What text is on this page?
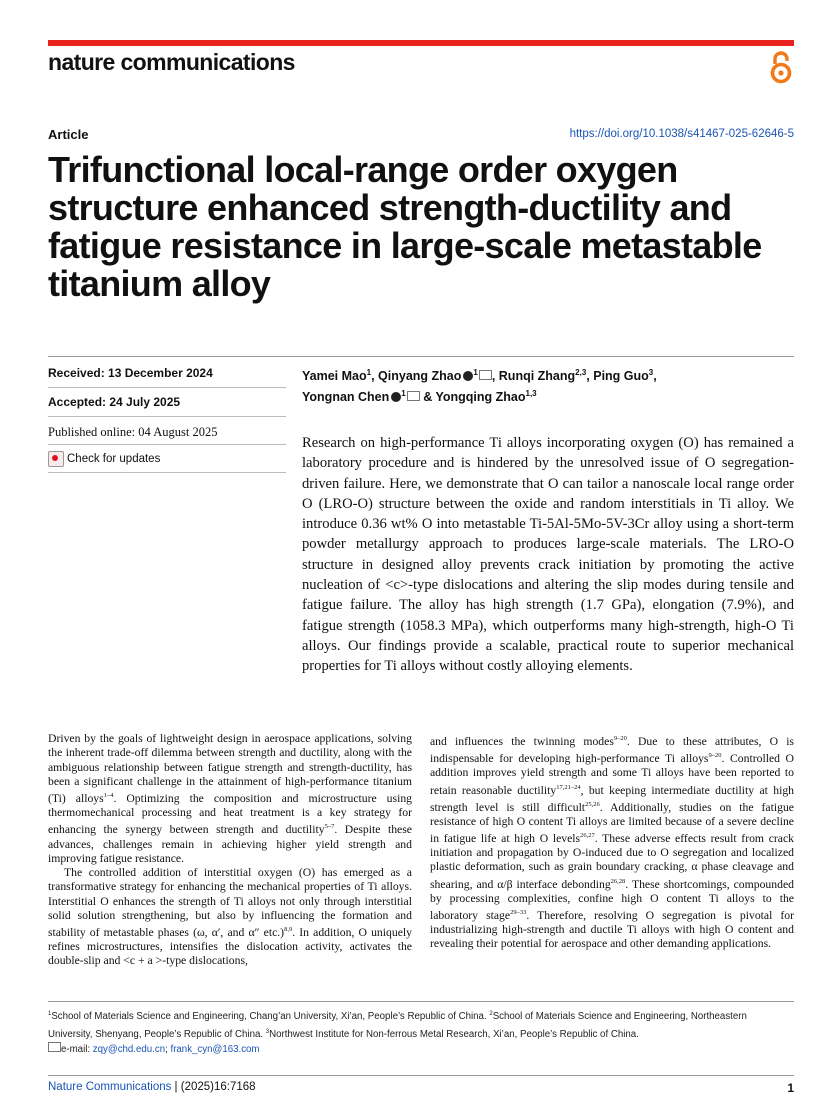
nature communications
Article	https://doi.org/10.1038/s41467-025-62646-5
Trifunctional local-range order oxygen
structure enhanced strength-ductility and
fatigue resistance in large-scale metastable
titanium alloy
Received: 13 December 2024
Accepted: 24 July 2025
Published online: 04 August 2025
Check for updates
Yamei Mao$^1$, Qinyang Zhao $^1$ , Runqi Zhang$^{2,3}$, Ping Guo$^3$,
Yongnan Chen $^1$ & Yongqing Zhao$^{1,3}$
Research on high-performance Ti alloys incorporating oxygen (O) has remained a laboratory procedure and is hindered by the unresolved issue of O segregation-driven failure. Here, we demonstrate that O can tailor a nanoscale local range order O (LRO-O) structure between the oxide and random interstitials in Ti alloy. We introduce 0.36 wt% O into metastable Ti-5Al-5Mo-5V-3Cr alloy using a short-term powder metallurgy approach to produces large-scale materials. The LRO-O structure in designed alloy prevents crack initiation by promoting the active nucleation of <c>-type dislocations and altering the slip modes during tensile and fatigue failure. The alloy has high strength (1.7 GPa), elongation (7.9%), and fatigue strength (1058.3 MPa), which outperforms many high-strength, high-O Ti alloys. Our findings provide a scalable, practical route to superior mechanical properties for Ti alloys without costly alloying elements.

Driven by the goals of lightweight design in aerospace applications, solving the inherent trade-off dilemma between strength and ductility, along with the ambiguous relationship between fatigue strength and strength-ductility, has been a significant challenge in the attainment of high-performance titanium (Ti) alloys$^{1-4}$. Optimizing the composition and microstructure using thermomechanical processing and heat treatment is a key strategy for enhancing the synergy between strength and ductility$^{5-7}$. Despite these advances, challenges remain in achieving higher yield strength and improving fatigue resistance.

The controlled addition of interstitial oxygen (O) has emerged as a transformative strategy for enhancing the mechanical properties of Ti alloys. Interstitial O enhances the strength of Ti alloys not only through interstitial solid solution strengthening, but also by influencing the formation and stability of metastable phases (ω, α′, and α″ etc.)$^{8,9}$. In addition, O uniquely refines microstructures, intensifies the dislocation activity, activates the double-slip and <c + a >-type dislocations,

and influences the twinning modes$^{9-20}$. Due to these attributes, O is indispensable for developing high-performance Ti alloys$^{9-20}$. Controlled O addition improves yield strength and some Ti alloys have been reported to retain reasonable ductility$^{17,21-24}$, but keeping intermediate ductility at high strength level is still difficult$^{25,26}$. Additionally, studies on the fatigue resistance of high O content Ti alloys are limited because of a severe decline in fatigue life at high O levels$^{26,27}$. These adverse effects result from crack initiation and propagation by O-induced due to O segregation and localized plastic deformation, such as grain boundary cracking, α phase cleavage and shearing, and α/β interface debonding$^{26,28}$. These shortcomings, compounded by processing complexities, confine high O content Ti alloys to the laboratory stage$^{29-33}$. Therefore, resolving O segregation is pivotal for industrializing high-strength and ductile Ti alloys with high O content and revealing their potential for aerospace and other demanding applications.

$^1$School of Materials Science and Engineering, Chang’an University, Xi’an, People’s Republic of China. $^2$School of Materials Science and Engineering, Northeastern University, Shenyang, People’s Republic of China. $^3$Northwest Institute for Non-ferrous Metal Research, Xi’an, People’s Republic of China.
e-mail: zqy@chd.edu.cn; frank_cyn@163.com
Nature Communications | (2025)16:7168	1
